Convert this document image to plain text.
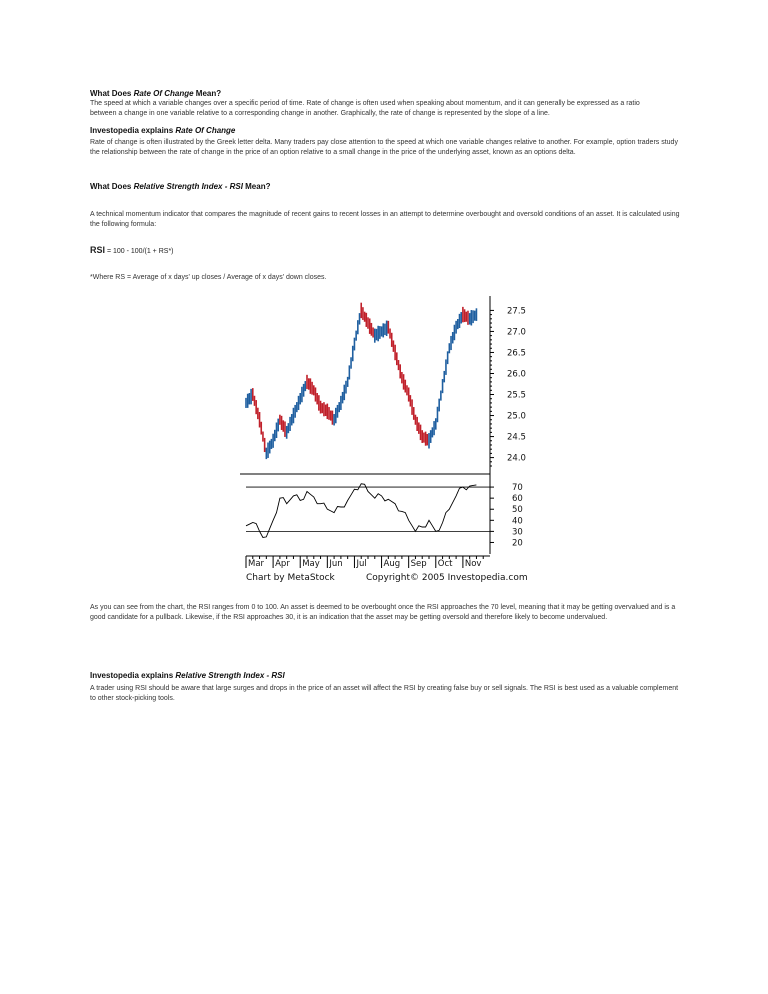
What Does Rate Of Change Mean?
The speed at which a variable changes over a specific period of time. Rate of change is often used when speaking about momentum, and it can generally be expressed as a ratio between a change in one variable relative to a corresponding change in another. Graphically, the rate of change is represented by the slope of a line.
Investopedia explains Rate Of Change
Rate of change is often illustrated by the Greek letter delta. Many traders pay close attention to the speed at which one variable changes relative to another. For example, option traders study the relationship between the rate of change in the price of an option relative to a small change in the price of the underlying asset, known as an options delta.
What Does Relative Strength Index - RSI Mean?
A technical momentum indicator that compares the magnitude of recent gains to recent losses in an attempt to determine overbought and oversold conditions of an asset. It is calculated using the following formula:
RSI = 100 - 100/(1 + RS*)
*Where RS = Average of x days' up closes / Average of x days' down closes.
27.5
27.0
26.5
26.0
25.5
25.0
24.5
24.0
70
60
50
40
30
20
Mar Apr May Jun Jul Aug Sep Oct Nov
Chart by MetaStock	Copyright© 2005 Investopedia.com
As you can see from the chart, the RSI ranges from 0 to 100. An asset is deemed to be overbought once the RSI approaches the 70 level, meaning that it may be getting overvalued and is a good candidate for a pullback. Likewise, if the RSI approaches 30, it is an indication that the asset may be getting oversold and therefore likely to become undervalued.
Investopedia explains Relative Strength Index - RSI
A trader using RSI should be aware that large surges and drops in the price of an asset will affect the RSI by creating false buy or sell signals. The RSI is best used as a valuable complement to other stock-picking tools.
